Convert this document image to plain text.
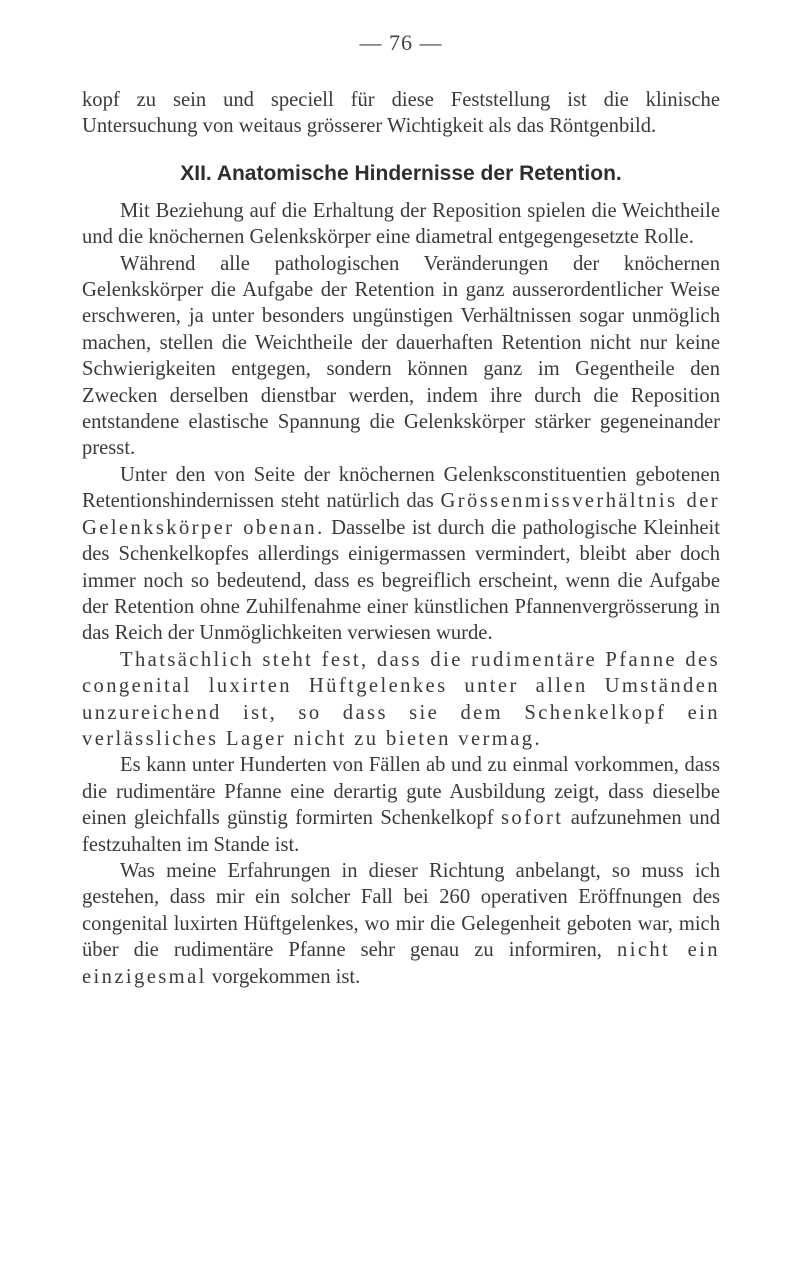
— 76 —

kopf zu sein und speciell für diese Feststellung ist die klinische Untersuchung von weitaus grösserer Wichtigkeit als das Röntgenbild.

XII. Anatomische Hindernisse der Retention.

Mit Beziehung auf die Erhaltung der Reposition spielen die Weichtheile und die knöchernen Gelenkskörper eine diametral entgegengesetzte Rolle.

Während alle pathologischen Veränderungen der knöchernen Gelenkskörper die Aufgabe der Retention in ganz ausserordentlicher Weise erschweren, ja unter besonders ungünstigen Verhältnissen sogar unmöglich machen, stellen die Weichtheile der dauerhaften Retention nicht nur keine Schwierigkeiten entgegen, sondern können ganz im Gegentheile den Zwecken derselben dienstbar werden, indem ihre durch die Reposition entstandene elastische Spannung die Gelenkskörper stärker gegeneinander presst.

Unter den von Seite der knöchernen Gelenksconstituentien gebotenen Retentionshindernissen steht natürlich das Grössenmissverhältnis der Gelenkskörper obenan. Dasselbe ist durch die pathologische Kleinheit des Schenkelkopfes allerdings einigermassen vermindert, bleibt aber doch immer noch so bedeutend, dass es begreiflich erscheint, wenn die Aufgabe der Retention ohne Zuhilfenahme einer künstlichen Pfannenvergrösserung in das Reich der Unmöglichkeiten verwiesen wurde.

Thatsächlich steht fest, dass die rudimentäre Pfanne des congenital luxirten Hüftgelenkes unter allen Umständen unzureichend ist, so dass sie dem Schenkelkopf ein verlässliches Lager nicht zu bieten vermag.

Es kann unter Hunderten von Fällen ab und zu einmal vorkommen, dass die rudimentäre Pfanne eine derartig gute Ausbildung zeigt, dass dieselbe einen gleichfalls günstig formirten Schenkelkopf sofort aufzunehmen und festzuhalten im Stande ist.

Was meine Erfahrungen in dieser Richtung anbelangt, so muss ich gestehen, dass mir ein solcher Fall bei 260 operativen Eröffnungen des congenital luxirten Hüftgelenkes, wo mir die Gelegenheit geboten war, mich über die rudimentäre Pfanne sehr genau zu informiren, nicht ein einzigesmal vorgekommen ist.
